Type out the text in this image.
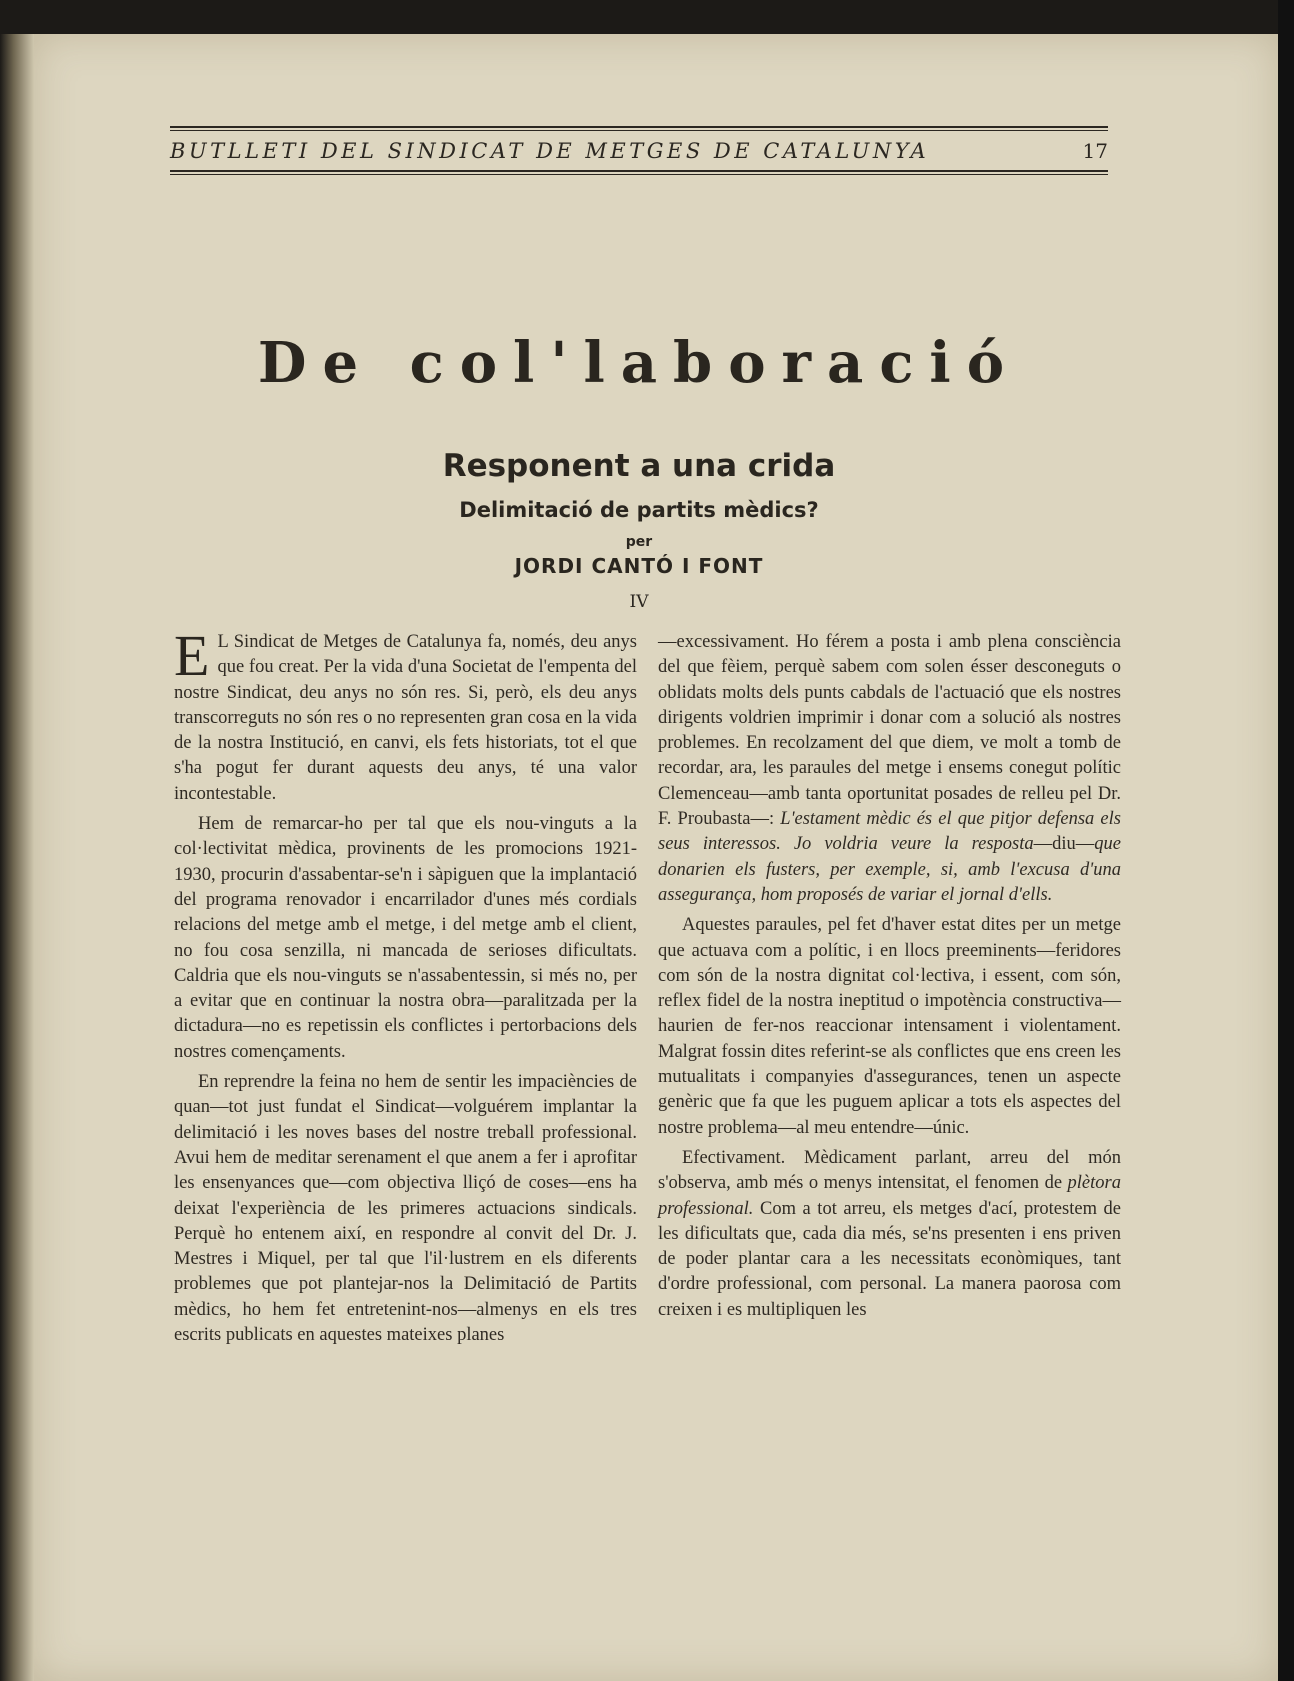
BUTLLETI DEL SINDICAT DE METGES DE CATALUNYA	17
De col'laboració
Responent a una crida
Delimitació de partits mèdics?
per
JORDI CANTÓ I FONT
IV

E L Sindicat de Metges de Catalunya fa, només, deu anys que fou creat. Per la vida d'una Societat de l'empenta del nostre Sindicat, deu anys no són res. Si, però, els deu anys transcorreguts no són res o no representen gran cosa en la vida de la nostra Institució, en canvi, els fets historiats, tot el que s'ha pogut fer durant aquests deu anys, té una valor incontestable.

Hem de remarcar-ho per tal que els nou-vinguts a la col·lectivitat mèdica, provinents de les promocions 1921-1930, procurin d'assabentar-se'n i sàpiguen que la implantació del programa renovador i encarrilador d'unes més cordials relacions del metge amb el metge, i del metge amb el client, no fou cosa senzilla, ni mancada de serioses dificultats. Caldria que els nou-vinguts se n'assabentessin, si més no, per a evitar que en continuar la nostra obra—paralitzada per la dictadura—no es repetissin els conflictes i pertorbacions dels nostres començaments.

En reprendre la feina no hem de sentir les impaciències de quan—tot just fundat el Sindicat—volguérem implantar la delimitació i les noves bases del nostre treball professional. Avui hem de meditar serenament el que anem a fer i aprofitar les ensenyances que—com objectiva lliçó de coses—ens ha deixat l'experiència de les primeres actuacions sindicals. Perquè ho entenem així, en respondre al convit del Dr. J. Mestres i Miquel, per tal que l'il·lustrem en els diferents problemes que pot plantejar-nos la Delimitació de Partits mèdics, ho hem fet entretenint-nos—almenys en els tres escrits publicats en aquestes mateixes planes

—excessivament. Ho férem a posta i amb plena consciència del que fèiem, perquè sabem com solen ésser desconeguts o oblidats molts dels punts cabdals de l'actuació que els nostres dirigents voldrien imprimir i donar com a solució als nostres problemes. En recolzament del que diem, ve molt a tomb de recordar, ara, les paraules del metge i ensems conegut polític Clemenceau—amb tanta oportunitat posades de relleu pel Dr. F. Proubasta—: L'estament mèdic és el que pitjor defensa els seus interessos. Jo voldria veure la resposta—diu—que donarien els fusters, per exemple, si, amb l'excusa d'una assegurança, hom proposés de variar el jornal d'ells.

Aquestes paraules, pel fet d'haver estat dites per un metge que actuava com a polític, i en llocs preeminents—feridores com són de la nostra dignitat col·lectiva, i essent, com són, reflex fidel de la nostra ineptitud o impotència constructiva—haurien de fer-nos reaccionar intensament i violentament. Malgrat fossin dites referint-se als conflictes que ens creen les mutualitats i companyies d'assegurances, tenen un aspecte genèric que fa que les puguem aplicar a tots els aspectes del nostre problema—al meu entendre—únic.

Efectivament. Mèdicament parlant, arreu del món s'observa, amb més o menys intensitat, el fenomen de plètora professional. Com a tot arreu, els metges d'ací, protestem de les dificultats que, cada dia més, se'ns presenten i ens priven de poder plantar cara a les necessitats econòmiques, tant d'ordre professional, com personal. La manera paorosa com creixen i es multipliquen les
